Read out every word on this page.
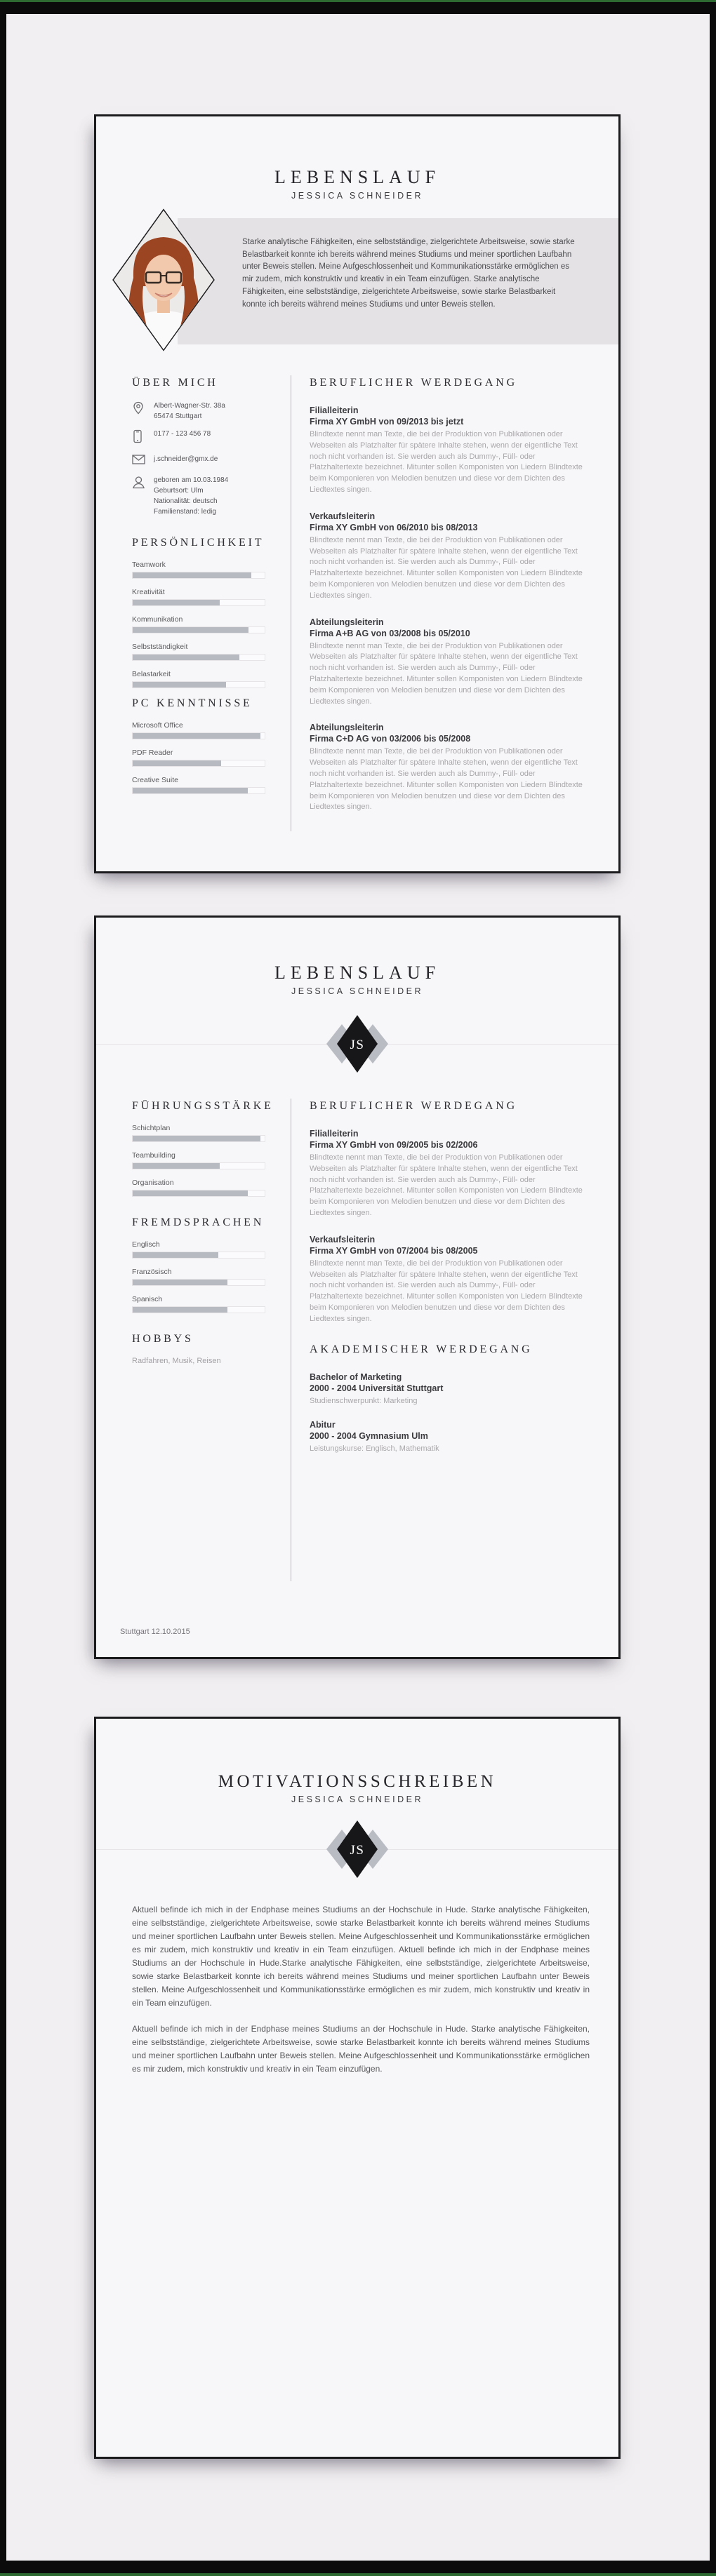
LEBENSLAUF
JESSICA SCHNEIDER
Starke analytische Fähigkeiten, eine selbstständige, zielgerichtete Arbeitsweise, sowie starke Belastbarkeit konnte ich bereits während meines Studiums und meiner sportlichen Laufbahn unter Beweis stellen. Meine Aufgeschlossenheit und Kommunikationsstärke ermöglichen es mir zudem, mich konstruktiv und kreativ in ein Team einzufügen. Starke analytische Fähigkeiten, eine selbstständige, zielgerichtete Arbeitsweise, sowie starke Belastbarkeit konnte ich bereits während meines Studiums und unter Beweis stellen.
ÜBER MICH
Albert-Wagner-Str. 38a
65474 Stuttgart
0177 - 123 456 78
j.schneider@gmx.de
geboren am 10.03.1984
Geburtsort: Ulm
Nationalität: deutsch
Familienstand: ledig
PERSÖNLICHKEIT
Teamwork
Kreativität
Kommunikation
Selbstständigkeit
Belastarkeit
PC KENNTNISSE
Microsoft Office
PDF Reader
Creative Suite
BERUFLICHER WERDEGANG
Filialleiterin
Firma XY GmbH von 09/2013 bis jetzt
Blindtexte nennt man Texte, die bei der Produktion von Publikationen oder Webseiten als Platzhalter für spätere Inhalte stehen, wenn der eigentliche Text noch nicht vorhanden ist. Sie werden auch als Dummy-, Füll- oder Platzhaltertexte bezeichnet. Mitunter sollen Komponisten von Liedern Blindtexte beim Komponieren von Melodien benutzen und diese vor dem Dichten des Liedtextes singen.
Verkaufsleiterin
Firma XY GmbH von 06/2010 bis 08/2013
Blindtexte nennt man Texte, die bei der Produktion von Publikationen oder Webseiten als Platzhalter für spätere Inhalte stehen, wenn der eigentliche Text noch nicht vorhanden ist. Sie werden auch als Dummy-, Füll- oder Platzhaltertexte bezeichnet. Mitunter sollen Komponisten von Liedern Blindtexte beim Komponieren von Melodien benutzen und diese vor dem Dichten des Liedtextes singen.
Abteilungsleiterin
Firma A+B AG von 03/2008 bis 05/2010
Blindtexte nennt man Texte, die bei der Produktion von Publikationen oder Webseiten als Platzhalter für spätere Inhalte stehen, wenn der eigentliche Text noch nicht vorhanden ist. Sie werden auch als Dummy-, Füll- oder Platzhaltertexte bezeichnet. Mitunter sollen Komponisten von Liedern Blindtexte beim Komponieren von Melodien benutzen und diese vor dem Dichten des Liedtextes singen.
Abteilungsleiterin
Firma C+D AG von 03/2006 bis 05/2008
Blindtexte nennt man Texte, die bei der Produktion von Publikationen oder Webseiten als Platzhalter für spätere Inhalte stehen, wenn der eigentliche Text noch nicht vorhanden ist. Sie werden auch als Dummy-, Füll- oder Platzhaltertexte bezeichnet. Mitunter sollen Komponisten von Liedern Blindtexte beim Komponieren von Melodien benutzen und diese vor dem Dichten des Liedtextes singen.
LEBENSLAUF
JESSICA SCHNEIDER
JS
FÜHRUNGSSTÄRKE
Schichtplan
Teambuilding
Organisation
FREMDSPRACHEN
Englisch
Französisch
Spanisch
HOBBYS
Radfahren, Musik, Reisen
BERUFLICHER WERDEGANG
Filialleiterin
Firma XY GmbH von 09/2005 bis 02/2006
Blindtexte nennt man Texte, die bei der Produktion von Publikationen oder Webseiten als Platzhalter für spätere Inhalte stehen, wenn der eigentliche Text noch nicht vorhanden ist. Sie werden auch als Dummy-, Füll- oder Platzhaltertexte bezeichnet. Mitunter sollen Komponisten von Liedern Blindtexte beim Komponieren von Melodien benutzen und diese vor dem Dichten des Liedtextes singen.
Verkaufsleiterin
Firma XY GmbH von 07/2004 bis 08/2005
Blindtexte nennt man Texte, die bei der Produktion von Publikationen oder Webseiten als Platzhalter für spätere Inhalte stehen, wenn der eigentliche Text noch nicht vorhanden ist. Sie werden auch als Dummy-, Füll- oder Platzhaltertexte bezeichnet. Mitunter sollen Komponisten von Liedern Blindtexte beim Komponieren von Melodien benutzen und diese vor dem Dichten des Liedtextes singen.
AKADEMISCHER WERDEGANG
Bachelor of Marketing
2000 - 2004 Universität Stuttgart
Studienschwerpunkt: Marketing
Abitur
2000 - 2004 Gymnasium Ulm
Leistungskurse: Englisch, Mathematik
Stuttgart 12.10.2015
MOTIVATIONSSCHREIBEN
JESSICA SCHNEIDER
JS

Aktuell befinde ich mich in der Endphase meines Studiums an der Hochschule in Hude. Starke analytische Fähigkeiten, eine selbstständige, zielgerichtete Arbeitsweise, sowie starke Belastbarkeit konnte ich bereits während meines Studiums und meiner sportlichen Laufbahn unter Beweis stellen. Meine Aufgeschlossenheit und Kommunikationsstärke ermöglichen es mir zudem, mich konstruktiv und kreativ in ein Team einzufügen. Aktuell befinde ich mich in der Endphase meines Studiums an der Hochschule in Hude.Starke analytische Fähigkeiten, eine selbstständige, zielgerichtete Arbeitsweise, sowie starke Belastbarkeit konnte ich bereits während meines Studiums und meiner sportlichen Laufbahn unter Beweis stellen. Meine Aufgeschlossenheit und Kommunikationsstärke ermöglichen es mir zudem, mich konstruktiv und kreativ in ein Team einzufügen.

Aktuell befinde ich mich in der Endphase meines Studiums an der Hochschule in Hude. Starke analytische Fähigkeiten, eine selbstständige, zielgerichtete Arbeitsweise, sowie starke Belastbarkeit konnte ich bereits während meines Studiums und meiner sportlichen Laufbahn unter Beweis stellen. Meine Aufgeschlossenheit und Kommunikationsstärke ermöglichen es mir zudem, mich konstruktiv und kreativ in ein Team einzufügen.
